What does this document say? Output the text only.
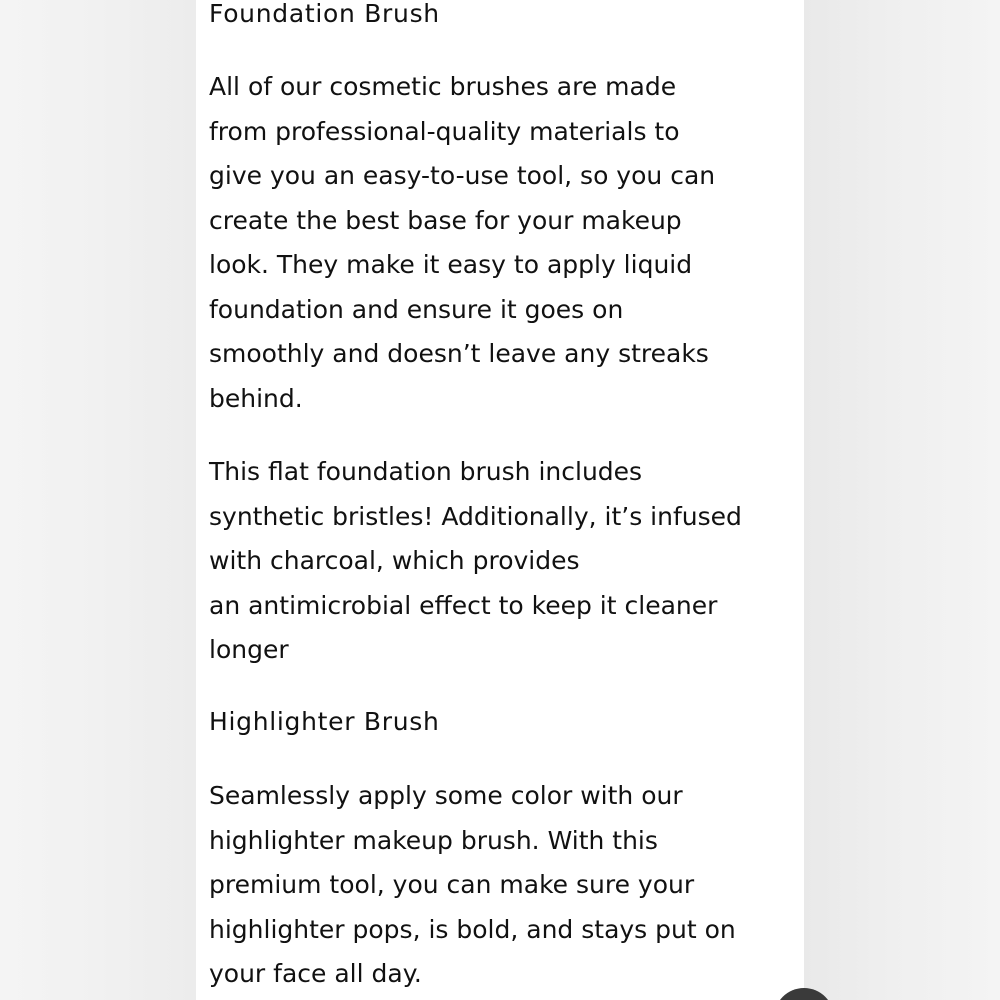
Foundation Brush

All of our cosmetic brushes are made
from professional-quality materials to
give you an easy-to-use tool, so you can
create the best base for your makeup
look. They make it easy to apply liquid
foundation and ensure it goes on
smoothly and doesn’t leave any streaks
behind.

This flat foundation brush includes
synthetic bristles! Additionally, it’s infused
with charcoal, which provides
an antimicrobial effect to keep it cleaner
longer

Highlighter Brush

Seamlessly apply some color with our
highlighter makeup brush. With this
premium tool, you can make sure your
highlighter pops, is bold, and stays put on
your face all day.
